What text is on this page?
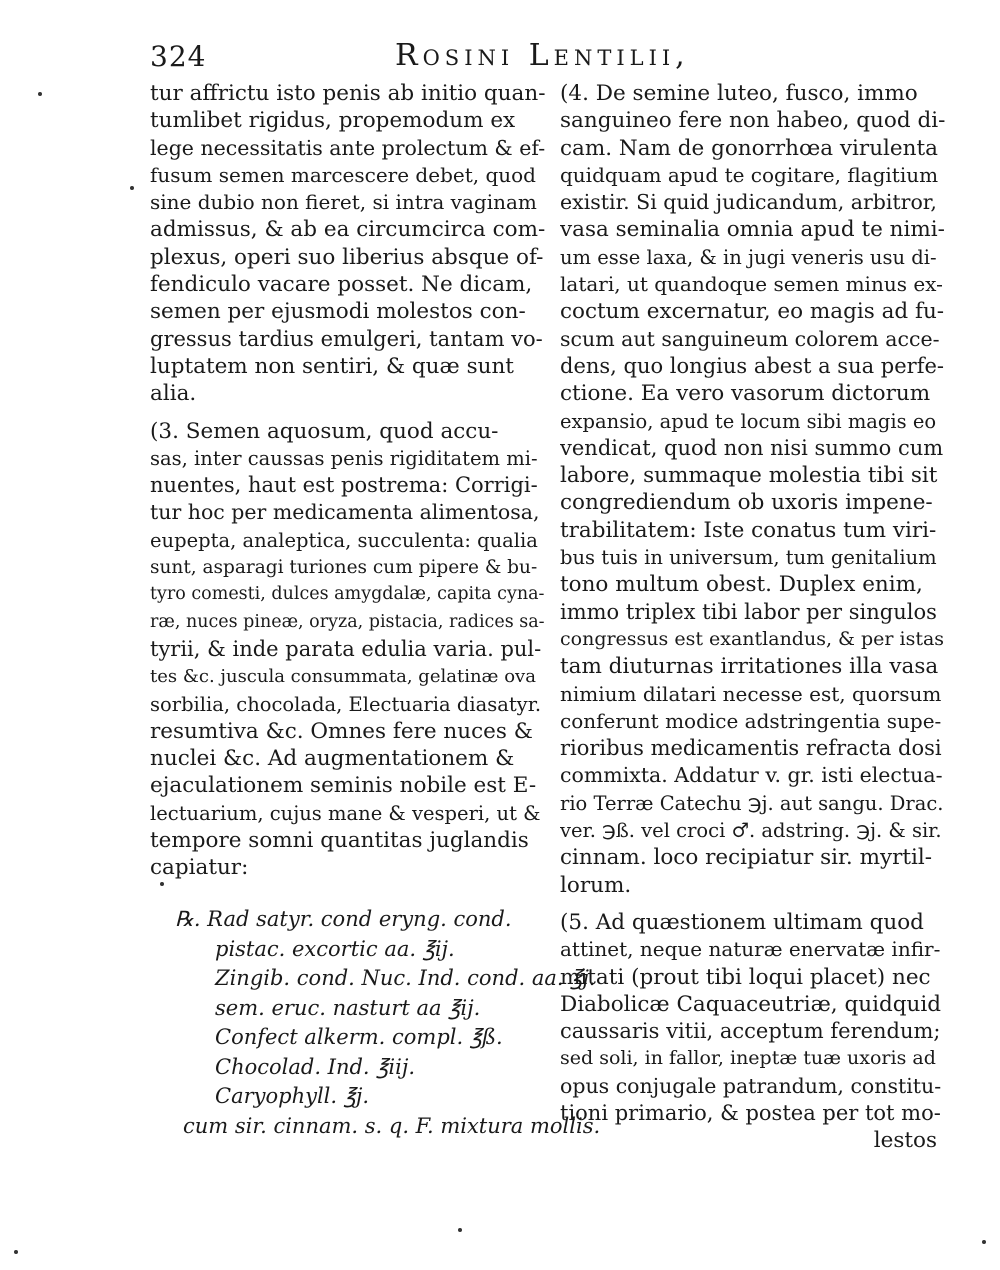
324	Rosini Lentilii,
tur affrictu isto penis ab initio quan-
tumlibet rigidus, propemodum ex
lege necessitatis ante prolectum & ef-
fusum semen marcescere debet, quod
sine dubio non fieret, si intra vaginam
admissus, & ab ea circumcirca com-
plexus, operi suo liberius absque of-
fendiculo vacare posset. Ne dicam,
semen per ejusmodi molestos con-
gressus tardius emulgeri, tantam vo-
luptatem non sentiri, & quæ sunt
alia.
(3. Semen aquosum, quod accu-
sas, inter caussas penis rigiditatem mi-
nuentes, haut est postrema: Corrigi-
tur hoc per medicamenta alimentosa,
eupepta, analeptica, succulenta: qualia
sunt, asparagi turiones cum pipere & bu-
tyro comesti, dulces amygdalæ, capita cyna-
ræ, nuces pineæ, oryza, pistacia, radices sa-
tyrii, & inde parata edulia varia. pul-
tes &c. juscula consummata, gelatinæ ova
sorbilia, chocolada, Electuaria diasatyr.
resumtiva &c. Omnes fere nuces &
nuclei &c. Ad augmentationem &
ejaculationem seminis nobile est E-
lectuarium, cujus mane & vesperi, ut &
tempore somni quantitas juglandis
capiatur:
℞. Rad satyr. cond eryng. cond.
pistac. excortic aa. ℥ij.
Zingib. cond. Nuc. Ind. cond. aa. ℥j.
sem. eruc. nasturt aa ℥ij.
Confect alkerm. compl. ℥ß.
Chocolad. Ind. ℥iij.
Caryophyll. ℥j.
cum sir. cinnam. s. q. F. mixtura mollis.
(4. De semine luteo, fusco, immo
sanguineo fere non habeo, quod di-
cam. Nam de gonorrhœa virulenta
quidquam apud te cogitare, flagitium
existir. Si quid judicandum, arbitror,
vasa seminalia omnia apud te nimi-
um esse laxa, & in jugi veneris usu di-
latari, ut quandoque semen minus ex-
coctum excernatur, eo magis ad fu-
scum aut sanguineum colorem acce-
dens, quo longius abest a sua perfe-
ctione. Ea vero vasorum dictorum
expansio, apud te locum sibi magis eo
vendicat, quod non nisi summo cum
labore, summaque molestia tibi sit
congrediendum ob uxoris impene-
trabilitatem: Iste conatus tum viri-
bus tuis in universum, tum genitalium
tono multum obest. Duplex enim,
immo triplex tibi labor per singulos
congressus est exantlandus, & per istas
tam diuturnas irritationes illa vasa
nimium dilatari necesse est, quorsum
conferunt modice adstringentia supe-
rioribus medicamentis refracta dosi
commixta. Addatur v. gr. isti electua-
rio Terræ Catechu ℈j. aut sangu. Drac.
ver. ℈ß. vel croci ♂. adstring. ℈j. & sir.
cinnam. loco recipiatur sir. myrtil-
lorum.
(5. Ad quæstionem ultimam quod
attinet, neque naturæ enervatæ infir-
mitati (prout tibi loqui placet) nec
Diabolicæ Caquaceutriæ, quidquid
caussaris vitii, acceptum ferendum;
sed soli, in fallor, ineptæ tuæ uxoris ad
opus conjugale patrandum, constitu-
tioni primario, & postea per tot mo-
lestos
